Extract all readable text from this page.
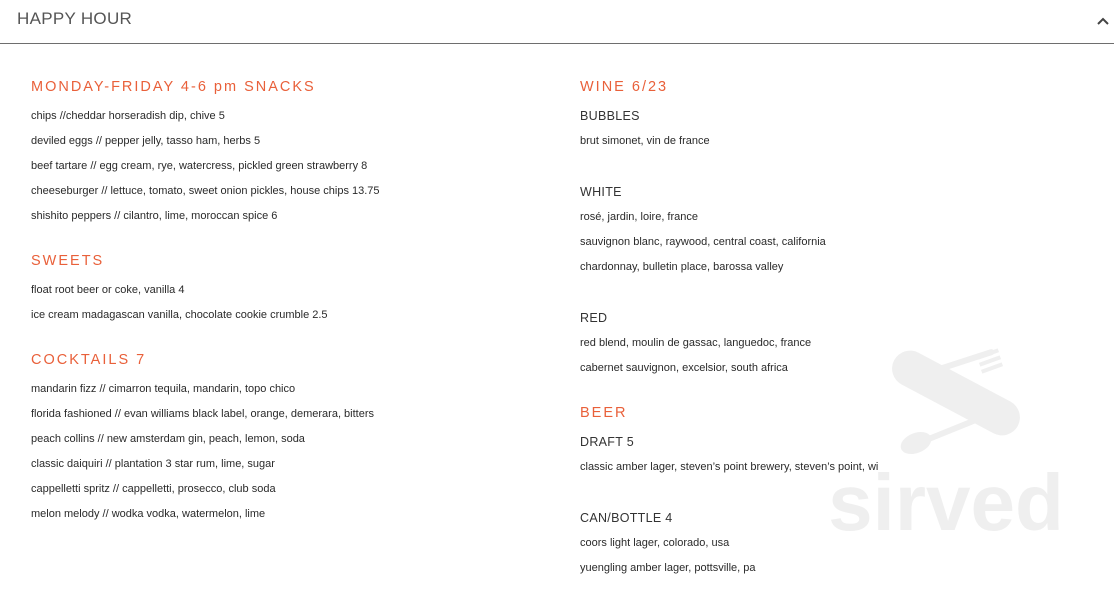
HAPPY HOUR
MONDAY-FRIDAY 4-6 pm SNACKS
chips //cheddar horseradish dip, chive 5
deviled eggs // pepper jelly, tasso ham, herbs 5
beef tartare // egg cream, rye, watercress, pickled green strawberry 8
cheeseburger // lettuce, tomato, sweet onion pickles, house chips 13.75
shishito peppers // cilantro, lime, moroccan spice 6
SWEETS
float root beer or coke, vanilla 4
ice cream madagascan vanilla, chocolate cookie crumble 2.5
COCKTAILS 7
mandarin fizz // cimarron tequila, mandarin, topo chico
florida fashioned // evan williams black label, orange, demerara, bitters
peach collins // new amsterdam gin, peach, lemon, soda
classic daiquiri // plantation 3 star rum, lime, sugar
cappelletti spritz // cappelletti, prosecco, club soda
melon melody // wodka vodka, watermelon, lime
WINE 6/23
BUBBLES
brut simonet, vin de france
WHITE
rosé, jardin, loire, france
sauvignon blanc, raywood, central coast, california
chardonnay, bulletin place, barossa valley
RED
red blend, moulin de gassac, languedoc, france
cabernet sauvignon, excelsior, south africa
BEER
DRAFT 5
classic amber lager, steven’s point brewery, steven’s point, wi
CAN/BOTTLE 4
coors light lager, colorado, usa
yuengling amber lager, pottsville, pa
sirved
